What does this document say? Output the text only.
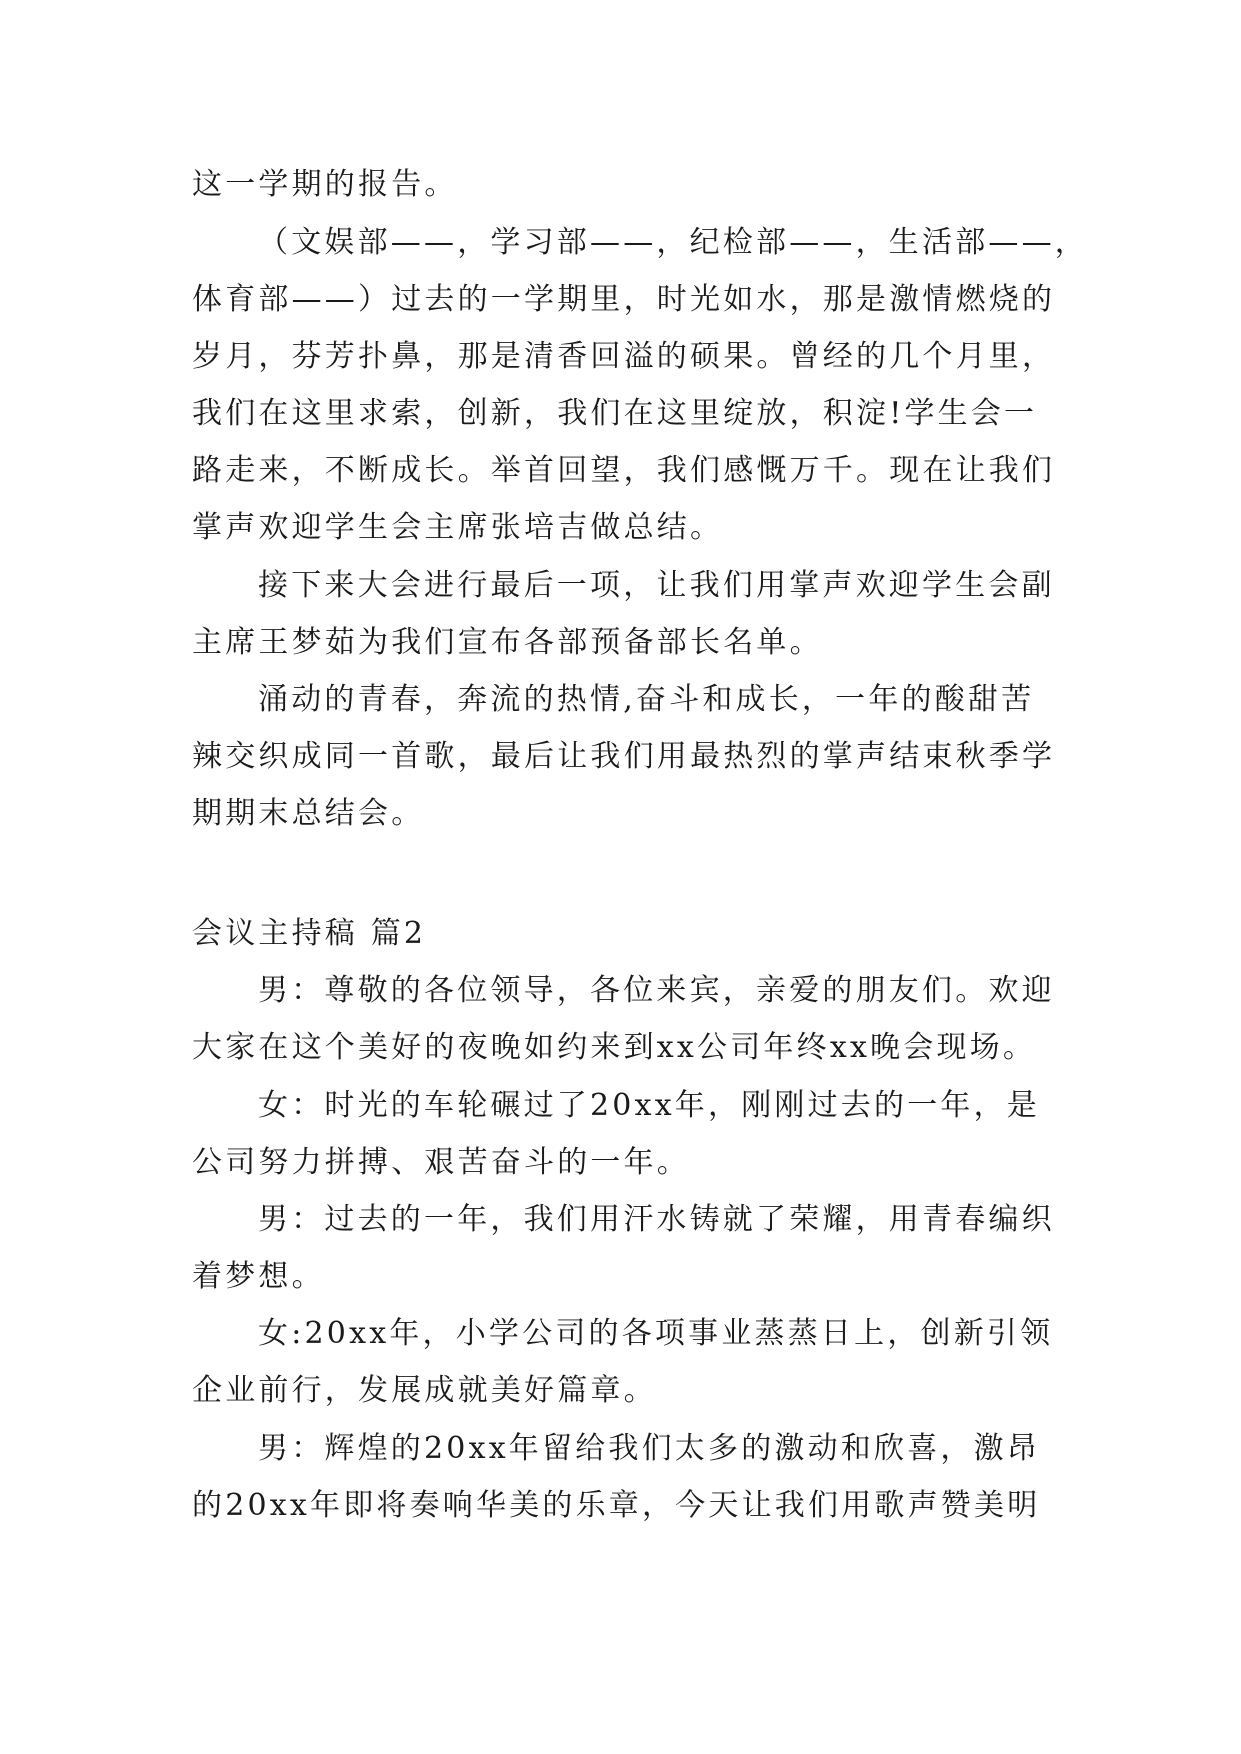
这一学期的报告。
（文娱部——，学习部——，纪检部——，生活部——，
体育部——）过去的一学期里，时光如水，那是激情燃烧的
岁月，芬芳扑鼻，那是清香回溢的硕果。曾经的几个月里，
我们在这里求索，创新，我们在这里绽放，积淀!学生会一
路走来，不断成长。举首回望，我们感慨万千。现在让我们
掌声欢迎学生会主席张培吉做总结。
接下来大会进行最后一项，让我们用掌声欢迎学生会副
主席王梦茹为我们宣布各部预备部长名单。
涌动的青春，奔流的热情,奋斗和成长，一年的酸甜苦
辣交织成同一首歌，最后让我们用最热烈的掌声结束秋季学
期期末总结会。
会议主持稿 篇2
男：尊敬的各位领导，各位来宾，亲爱的朋友们。欢迎
大家在这个美好的夜晚如约来到xx公司年终xx晚会现场。
女：时光的车轮碾过了20xx年，刚刚过去的一年，是
公司努力拼搏、艰苦奋斗的一年。
男：过去的一年，我们用汗水铸就了荣耀，用青春编织
着梦想。
女:20xx年，小学公司的各项事业蒸蒸日上，创新引领
企业前行，发展成就美好篇章。
男：辉煌的20xx年留给我们太多的激动和欣喜，激昂
的20xx年即将奏响华美的乐章，今天让我们用歌声赞美明
